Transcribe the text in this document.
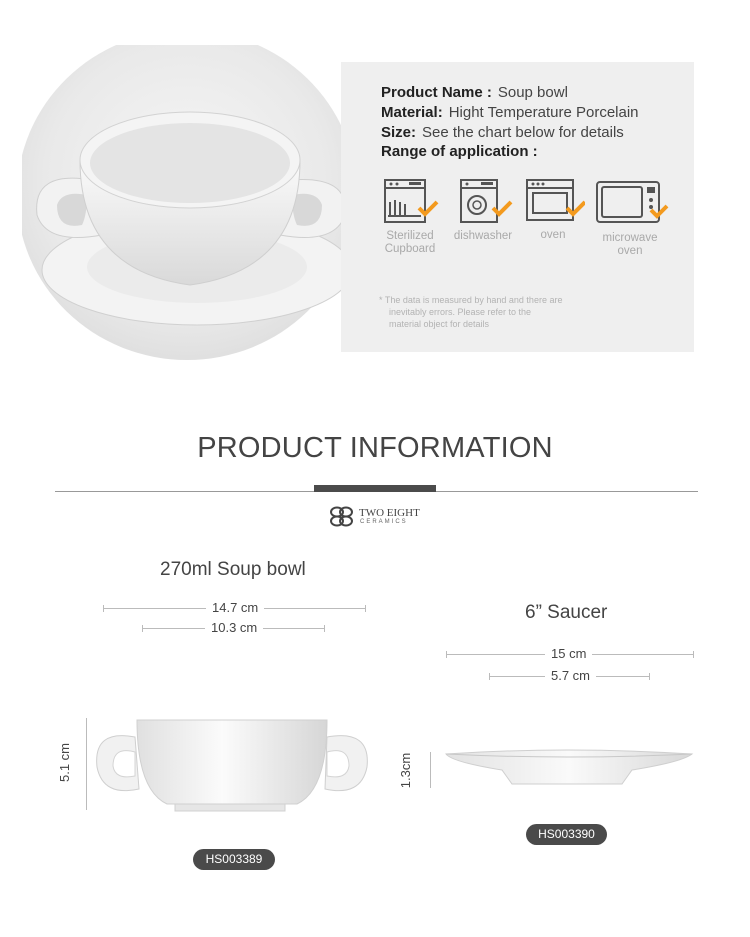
Product Name : Soup bowl
Material: Hight Temperature Porcelain
Size: See the chart below for details
Range of application :
Sterilized
Cupboard
dishwasher	oven	microwave
oven
* The data is measured by hand and there are
inevitably errors. Please refer to the
material object for details
PRODUCT INFORMATION
TWO EIGHT
CERAMICS
270ml Soup bowl
14.7 cm
10.3 cm
5.1 cm
HS003389
6” Saucer
15 cm
5.7 cm
1.3cm
HS003390
